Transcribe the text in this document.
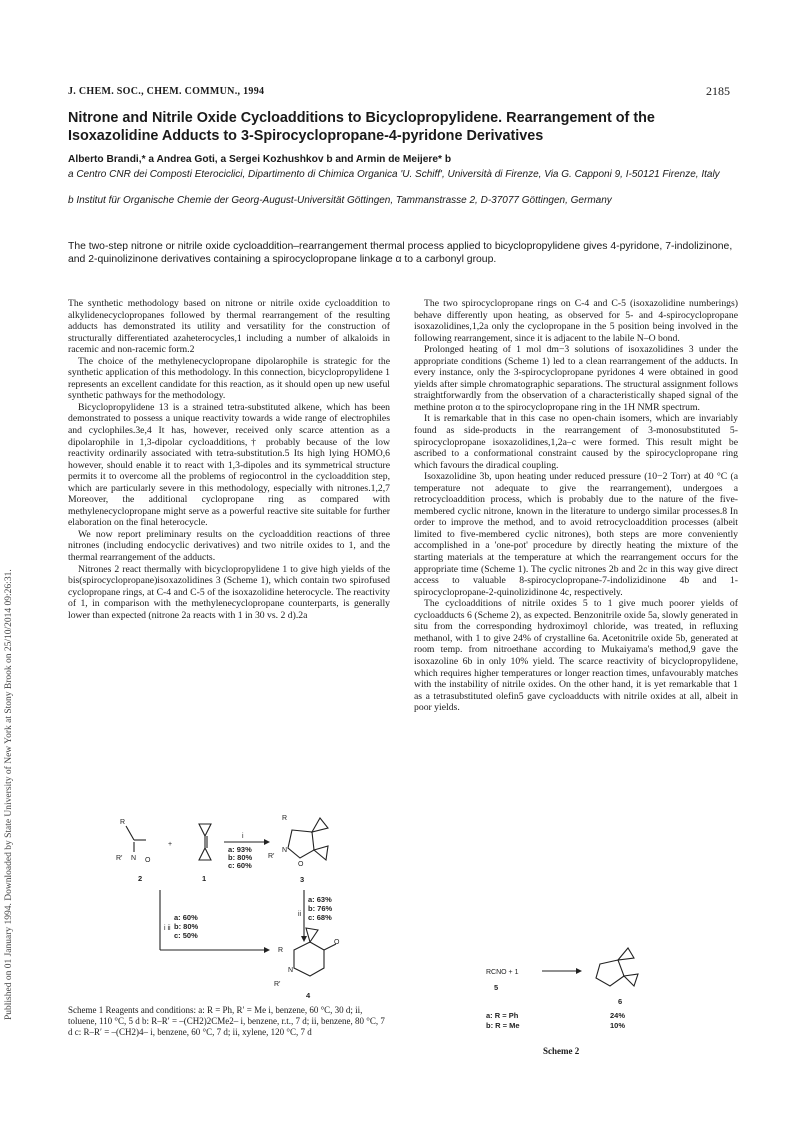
Published on 01 January 1994. Downloaded by State University of New York at Stony Brook on 25/10/2014 09:26:31.
J. CHEM. SOC., CHEM. COMMUN., 1994	2185
Nitrone and Nitrile Oxide Cycloadditions to Bicyclopropylidene. Rearrangement of the Isoxazolidine Adducts to 3-Spirocyclopropane-4-pyridone Derivatives
Alberto Brandi,* a Andrea Goti, a Sergei Kozhushkov b and Armin de Meijere* b
a Centro CNR dei Composti Eterociclici, Dipartimento di Chimica Organica 'U. Schiff', Università di Firenze, Via G. Capponi 9, I-50121 Firenze, Italy
b Institut für Organische Chemie der Georg-August-Universität Göttingen, Tammanstrasse 2, D-37077 Göttingen, Germany
The two-step nitrone or nitrile oxide cycloaddition–rearrangement thermal process applied to bicyclopropylidene gives 4-pyridone, 7-indolizinone, and 2-quinolizinone derivatives containing a spirocyclopropane linkage α to a carbonyl group.

The synthetic methodology based on nitrone or nitrile oxide cycloaddition to alkylidenecyclopropanes followed by thermal rearrangement of the resulting adducts has demonstrated its utility and versatility for the construction of structurally differentiated azaheterocycles,1 including a number of alkaloids in racemic and non-racemic form.2

The choice of the methylenecyclopropane dipolarophile is strategic for the synthetic application of this methodology. In this connection, bicyclopropylidene 1 represents an excellent candidate for this reaction, as it should open up new useful synthetic pathways for the methodology.

Bicyclopropylidene 13 is a strained tetra-substituted alkene, which has been demonstrated to possess a unique reactivity towards a wide range of electrophiles and cyclophiles.3e,4 It has, however, received only scarce attention as a dipolarophile in 1,3-dipolar cycloadditions,† probably because of the low reactivity ordinarily associated with tetra-substitution.5 Its high lying HOMO,6 however, should enable it to react with 1,3-dipoles and its symmetrical structure permits it to overcome all the problems of regiocontrol in the cycloaddition step, which are particularly severe in this methodology, especially with nitrones.1,2,7 Moreover, the additional cyclopropane ring as compared with methylenecyclopropane might serve as a powerful reactive site suitable for further elaboration on the final heterocycle.

We now report preliminary results on the cycloaddition reactions of three nitrones (including endocyclic derivatives) and two nitrile oxides to 1, and the thermal rearrangement of the adducts.

Nitrones 2 react thermally with bicyclopropylidene 1 to give high yields of the bis(spirocyclopropane)isoxazolidines 3 (Scheme 1), which contain two spirofused cyclopropane rings, at C-4 and C-5 of the isoxazolidine heterocycle. The reactivity of 1, in comparison with the methylenecyclopropane counterparts, is generally lower than expected (nitrone 2a reacts with 1 in 30 vs. 2 d).2a

The two spirocyclopropane rings on C-4 and C-5 (isoxazolidine numberings) behave differently upon heating, as observed for 5- and 4-spirocyclopropane isoxazolidines,1,2a only the cyclopropane in the 5 position being involved in the following rearrangement, since it is adjacent to the labile N–O bond.

Prolonged heating of 1 mol dm−3 solutions of isoxazolidines 3 under the appropriate conditions (Scheme 1) led to a clean rearrangement of the adducts. In every instance, only the 3-spirocyclopropane pyridones 4 were obtained in good yields after simple chromatographic separations. The structural assignment follows straightforwardly from the observation of a characteristically shaped signal of the methine proton α to the spirocyclopropane ring in the 1H NMR spectrum.

It is remarkable that in this case no open-chain isomers, which are invariably found as side-products in the rearrangement of 3-monosubstituted 5-spirocyclopropane isoxazolidines,1,2a–c were formed. This result might be ascribed to a conformational constraint caused by the spirocyclopropane ring which favours the diradical coupling.

Isoxazolidine 3b, upon heating under reduced pressure (10−2 Torr) at 40 °C (a temperature not adequate to give the rearrangement), undergoes a retrocycloaddition process, which is probably due to the nature of the five-membered cyclic nitrone, known in the literature to undergo similar processes.8 In order to improve the method, and to avoid retrocycloaddition processes (albeit limited to five-membered cyclic nitrones), both steps are more conveniently accomplished in a 'one-pot' procedure by directly heating the mixture of the starting materials at the temperature at which the rearrangement occurs for the appropriate time (Scheme 1). The cyclic nitrones 2b and 2c in this way give direct access to valuable 8-spirocyclopropane-7-indolizidinone 4b and 1-spirocyclopropane-2-quinolizidinone 4c, respectively.

The cycloadditions of nitrile oxides 5 to 1 give much poorer yields of cycloadducts 6 (Scheme 2), as expected. Benzonitrile oxide 5a, slowly generated in situ from the corresponding hydroximoyl chloride, was treated, in refluxing methanol, with 1 to give 24% of crystalline 6a. Acetonitrile oxide 5b, generated at room temp. from nitroethane according to Mukaiyama's method,9 gave the isoxazoline 6b in only 10% yield. The scarce reactivity of bicyclopropylidene, which requires higher temperatures or longer reaction times, unfavourably matches with the instability of nitrile oxides. On the other hand, it is yet remarkable that 1 as a tetrasubstituted olefin5 gave cycloadducts with nitrile oxides at all, albeit in poor yields.

R
R′ N O
2
+
1
i
a: 93%
b: 80%
c: 60%
R
R′
N
O
3
ii
a: 63%
b: 76%
c: 68%
i ii
a: 60%
b: 80%
c: 50%
R
O
N
R′
4
Scheme 1 Reagents and conditions: a: R = Ph, R′ = Me i, benzene, 60 °C, 30 d; ii, toluene, 110 °C, 5 d b: R–R′ = –(CH2)2CMe2– i, benzene, r.t., 7 d; ii, benzene, 80 °C, 7 d c: R–R′ = –(CH2)4– i, benzene, 60 °C, 7 d; ii, xylene, 120 °C, 7 d
RCNO + 1
5
6
a: R = Ph	24%
b: R = Me	10%
Scheme 2
